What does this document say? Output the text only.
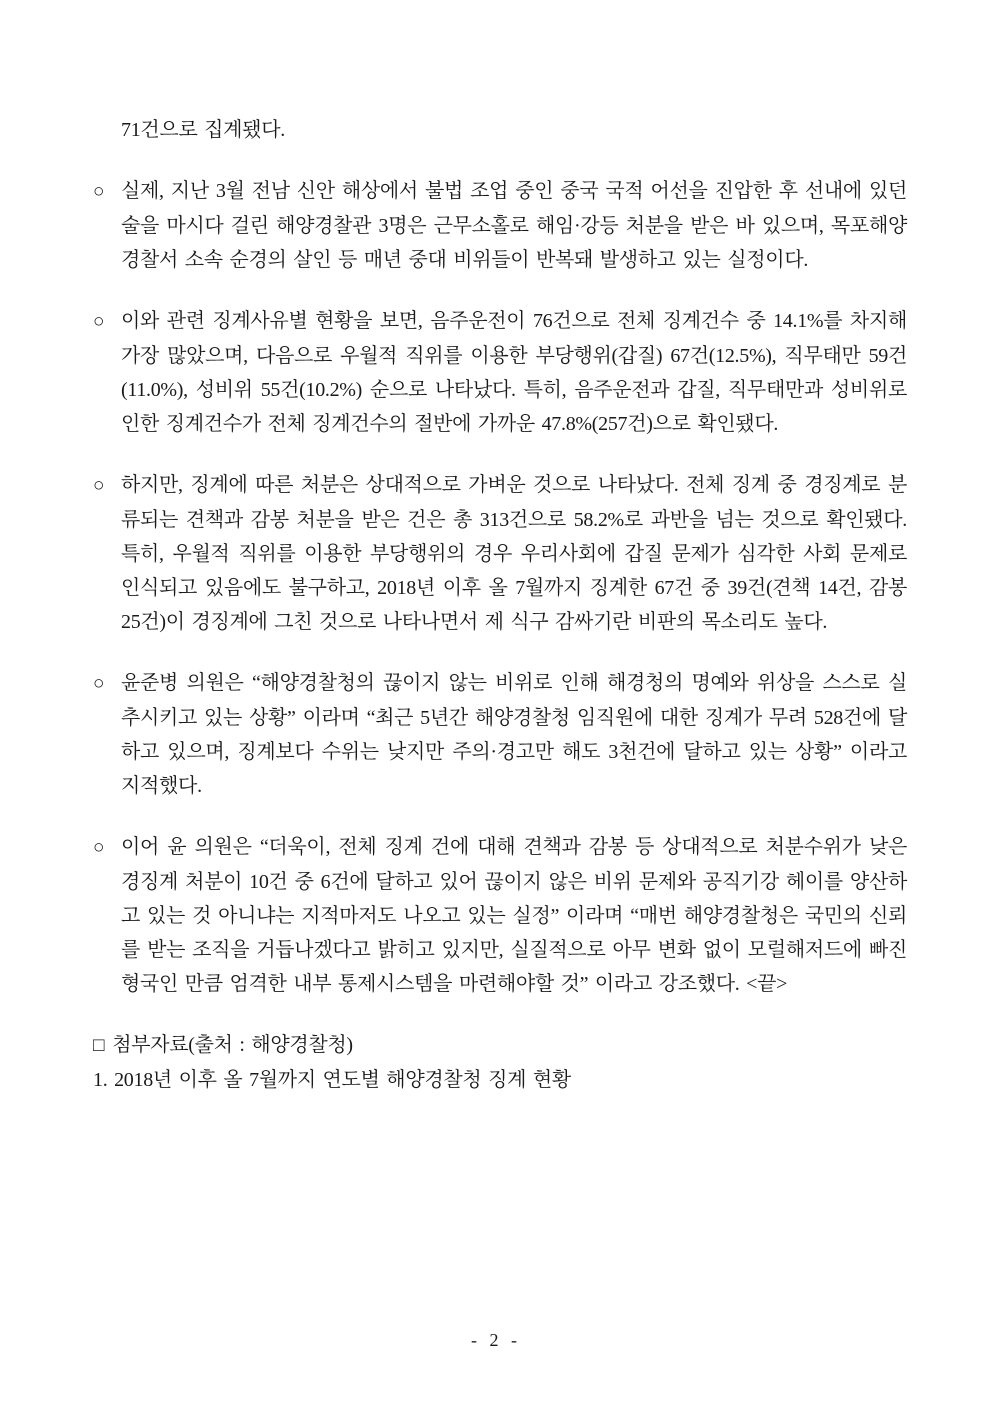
71건으로 집계됐다.

○ 실제, 지난 3월 전남 신안 해상에서 불법 조업 중인 중국 국적 어선을 진압한 후 선내에 있던 술을 마시다 걸린 해양경찰관 3명은 근무소홀로 해임·강등 처분을 받은 바 있으며, 목포해양경찰서 소속 순경의 살인 등 매년 중대 비위들이 반복돼 발생하고 있는 실정이다.

○ 이와 관련 징계사유별 현황을 보면, 음주운전이 76건으로 전체 징계건수 중 14.1%를 차지해 가장 많았으며, 다음으로 우월적 직위를 이용한 부당행위(갑질) 67건(12.5%), 직무태만 59건(11.0%), 성비위 55건(10.2%) 순으로 나타났다. 특히, 음주운전과 갑질, 직무태만과 성비위로 인한 징계건수가 전체 징계건수의 절반에 가까운 47.8%(257건)으로 확인됐다.

○ 하지만, 징계에 따른 처분은 상대적으로 가벼운 것으로 나타났다. 전체 징계 중 경징계로 분류되는 견책과 감봉 처분을 받은 건은 총 313건으로 58.2%로 과반을 넘는 것으로 확인됐다. 특히, 우월적 직위를 이용한 부당행위의 경우 우리사회에 갑질 문제가 심각한 사회 문제로 인식되고 있음에도 불구하고, 2018년 이후 올 7월까지 징계한 67건 중 39건(견책 14건, 감봉 25건)이 경징계에 그친 것으로 나타나면서 제 식구 감싸기란 비판의 목소리도 높다.

○ 윤준병 의원은 “해양경찰청의 끊이지 않는 비위로 인해 해경청의 명예와 위상을 스스로 실추시키고 있는 상황” 이라며 “최근 5년간 해양경찰청 임직원에 대한 징계가 무려 528건에 달하고 있으며, 징계보다 수위는 낮지만 주의·경고만 해도 3천건에 달하고 있는 상황” 이라고 지적했다.

○ 이어 윤 의원은 “더욱이, 전체 징계 건에 대해 견책과 감봉 등 상대적으로 처분수위가 낮은 경징계 처분이 10건 중 6건에 달하고 있어 끊이지 않은 비위 문제와 공직기강 헤이를 양산하고 있는 것 아니냐는 지적마저도 나오고 있는 실정” 이라며 “매번 해양경찰청은 국민의 신뢰를 받는 조직을 거듭나겠다고 밝히고 있지만, 실질적으로 아무 변화 없이 모럴해저드에 빠진 형국인 만큼 엄격한 내부 통제시스템을 마련해야할 것” 이라고 강조했다. <끝>

□ 첨부자료(출처 : 해양경찰청)

1. 2018년 이후 올 7월까지 연도별 해양경찰청 징계 현황

- 2 -
